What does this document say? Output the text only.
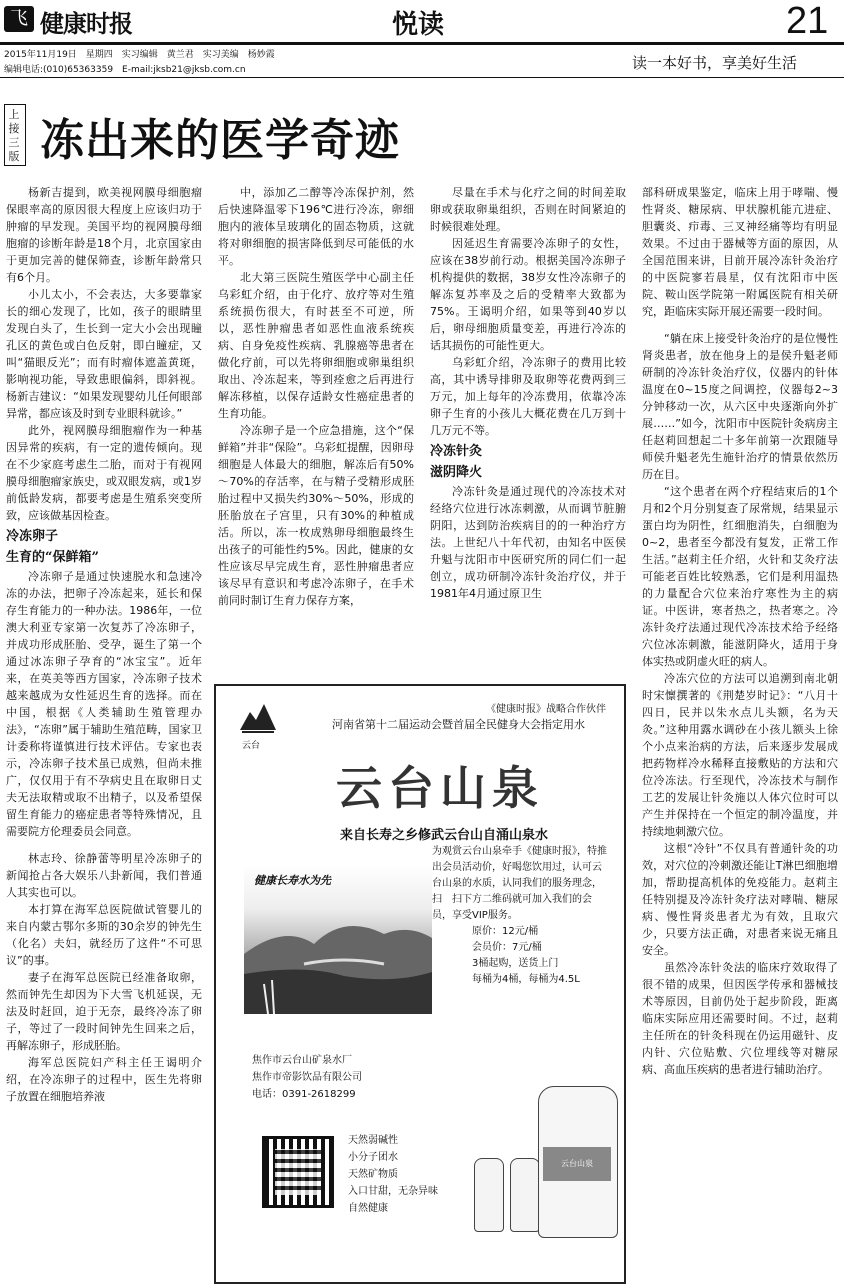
飞 健康时报	悦读	21
2015年11月19日　星期四　实习编辑　黄兰君　实习美编　杨妙霞
编辑电话:(010)65363359　E-mail:jksb21@jksb.com.cn	读一本好书，享美好生活
上接三版 冻出来的医学奇迹

杨新吉提到，欧美视网膜母细胞瘤保眼率高的原因很大程度上应该归功于肿瘤的早发现。美国平均的视网膜母细胞瘤的诊断年龄是18个月，北京国家由于更加完善的健保筛查，诊断年龄常只有6个月。

小儿太小，不会表达，大多要靠家长的细心发现了，比如，孩子的眼睛里发现白头了，生长到一定大小会出现瞳孔区的黄色或白色反射，即白瞳症，又叫“猫眼反光”；而有时瘤体遮盖黄斑，影响视功能，导致患眼偏斜，即斜视。杨新吉建议：“如果发现婴幼儿任何眼部异常，都应该及时到专业眼科就诊。”

此外，视网膜母细胞瘤作为一种基因异常的疾病，有一定的遗传倾向。现在不少家庭考虑生二胎，而对于有视网膜母细胞瘤家族史，或双眼发病，或1岁前低龄发病，都要考虑是生殖系突变所致，应该做基因检查。

冷冻卵子
生育的“保鲜箱”

冷冻卵子是通过快速脱水和急速冷冻的办法，把卵子冷冻起来，延长和保存生育能力的一种办法。1986年，一位澳大利亚专家第一次复苏了冷冻卵子，并成功形成胚胎、受孕，诞生了第一个通过冰冻卵子孕育的“冰宝宝”。近年来，在英美等西方国家，冷冻卵子技术越来越成为女性延迟生育的选择。而在中国，根据《人类辅助生殖管理办法》，“冻卵”属于辅助生殖范畴，国家卫计委称将谨慎进行技术评估。专家也表示，冷冻卵子技术虽已成熟，但尚未推广，仅仅用于有不孕病史且在取卵日丈夫无法取精或取不出精子，以及希望保留生育能力的癌症患者等特殊情况，且需要院方伦理委员会同意。

林志玲、徐静蕾等明星冷冻卵子的新闻抢占各大娱乐八卦新闻，我们普通人其实也可以。

本打算在海军总医院做试管婴儿的来自内蒙古鄂尔多斯的30余岁的钟先生（化名）夫妇，就经历了这件“不可思议”的事。

妻子在海军总医院已经准备取卵，然而钟先生却因为下大雪飞机延误，无法及时赶回，迫于无奈，最终冷冻了卵子，等过了一段时间钟先生回来之后，再解冻卵子，形成胚胎。

海军总医院妇产科主任王谒明介绍，在冷冻卵子的过程中，医生先将卵子放置在细胞培养液

中，添加乙二醇等冷冻保护剂，然后快速降温零下196℃进行冷冻，卵细胞内的液体呈玻璃化的固态物质，这就将对卵细胞的损害降低到尽可能低的水平。

北大第三医院生殖医学中心副主任乌彩虹介绍，由于化疗、放疗等对生殖系统损伤很大，有时甚至不可逆，所以，恶性肿瘤患者如恶性血液系统疾病、自身免疫性疾病、乳腺癌等患者在做化疗前，可以先将卵细胞或卵巢组织取出、冷冻起来，等到痊愈之后再进行解冻移植，以保存适龄女性癌症患者的生育功能。

冷冻卵子是一个应急措施，这个“保鲜箱”并非“保险”。乌彩虹提醒，因卵母细胞是人体最大的细胞，解冻后有50%～70%的存活率，在与精子受精形成胚胎过程中又损失约30%～50%，形成的胚胎放在子宫里，只有30%的种植成活。所以，冻一枚成熟卵母细胞最终生出孩子的可能性约5%。因此，健康的女性应该尽早完成生育，恶性肿瘤患者应该尽早有意识和考虑冷冻卵子，在手术前同时制订生育力保存方案，

尽量在手术与化疗之间的时间差取卵或获取卵巢组织，否则在时间紧迫的时候很难处理。

因延迟生育需要冷冻卵子的女性，应该在38岁前行动。根据美国冷冻卵子机构提供的数据，38岁女性冷冻卵子的解冻复苏率及之后的受精率大致都为75%。王谒明介绍，如果等到40岁以后，卵母细胞质量变差，再进行冷冻的话其损伤的可能性更大。

乌彩虹介绍，冷冻卵子的费用比较高，其中诱导排卵及取卵等花费两到三万元，加上每年的冷冻费用，依靠冷冻卵子生育的小孩儿大概花费在几万到十几万元不等。

冷冻针灸
滋阴降火

冷冻针灸是通过现代的冷冻技术对经络穴位进行冰冻刺激，从而调节脏腑阴阳，达到防治疾病目的的一种治疗方法。上世纪八十年代初，由知名中医侯升魁与沈阳市中医研究所的同仁们一起创立，成功研制冷冻针灸治疗仪，并于1981年4月通过原卫生

部科研成果鉴定，临床上用于哮喘、慢性肾炎、糖尿病、甲状腺机能亢进症、胆囊炎、疖毒、三叉神经痛等均有明显效果。不过由于器械等方面的原因，从全国范围来讲，目前开展冷冻针灸治疗的中医院寥若晨星，仅有沈阳市中医院、鞍山医学院第一附属医院有相关研究，距临床实际开展还需要一段时间。

“躺在床上接受针灸治疗的是位慢性肾炎患者，放在他身上的是侯升魁老师研制的冷冻针灸治疗仪，仪器内的针体温度在0~15度之间调控，仪器每2~3分钟移动一次，从六区中央逐渐向外扩展……”如今，沈阳市中医院针灸病房主任赵莉回想起二十多年前第一次跟随导师侯升魁老先生施针治疗的情景依然历历在目。

“这个患者在两个疗程结束后的1个月和2个月分别复查了尿常规，结果显示蛋白均为阴性，红细胞消失，白细胞为0~2，患者至今都没有复发，正常工作生活。”赵莉主任介绍，火针和艾灸疗法可能老百姓比较熟悉，它们是利用温热的力量配合穴位来治疗寒性为主的病证。中医讲，寒者热之，热者寒之。冷冻针灸疗法通过现代冷冻技术给予经络穴位冰冻刺激，能滋阴降火，适用于身体实热或阴虚火旺的病人。

冷冻穴位的方法可以追溯到南北朝时宋懔撰著的《荆楚岁时记》：“八月十四日，民并以朱水点儿头额，名为天灸。”这种用露水调砂在小孩儿额头上徐个小点来治病的方法，后来逐步发展成把药物样冷水稀释直接敷贴的方法和穴位冷冻法。行至现代，冷冻技术与制作工艺的发展让针灸施以人体穴位时可以产生并保持在一个恒定的制冷温度，并持续地刺激穴位。

这根“冷针”不仅具有普通针灸的功效，对穴位的冷刺激还能让T淋巴细胞增加，帮助提高机体的免疫能力。赵莉主任特别提及冷冻针灸疗法对哮喘、糖尿病、慢性肾炎患者尤为有效，且取穴少，只要方法正确，对患者来说无痛且安全。

虽然冷冻针灸法的临床疗效取得了很不错的成果，但因医学传承和器械技术等原因，目前仍处于起步阶段，距离临床实际应用还需要时间。不过，赵莉主任所在的针灸科现在仍运用磁针、皮内针、穴位贴敷、穴位埋线等对糖尿病、高血压疾病的患者进行辅助治疗。

云台
《健康时报》战略合作伙伴
河南省第十二届运动会暨首届全民健身大会指定用水
云台山泉
来自长寿之乡修武云台山自涌山泉水
健康长寿水为先
为观赏云台山泉牵手《健康时报》，特推出会员活动价，好喝您饮用过，认可云台山泉的水质，认同我们的服务理念，扫　扫下方二维码就可加入我们的会员，享受VIP服务。
原价：12元/桶
会员价：7元/桶
3桶起购，送货上门
每桶为4桶，每桶为4.5L
焦作市云台山矿泉水厂
焦作市帝影饮品有限公司
电话：0391-2618299
天然弱碱性
小分子团水
天然矿物质
入口甘甜，无杂异味
自然健康
云台山泉
